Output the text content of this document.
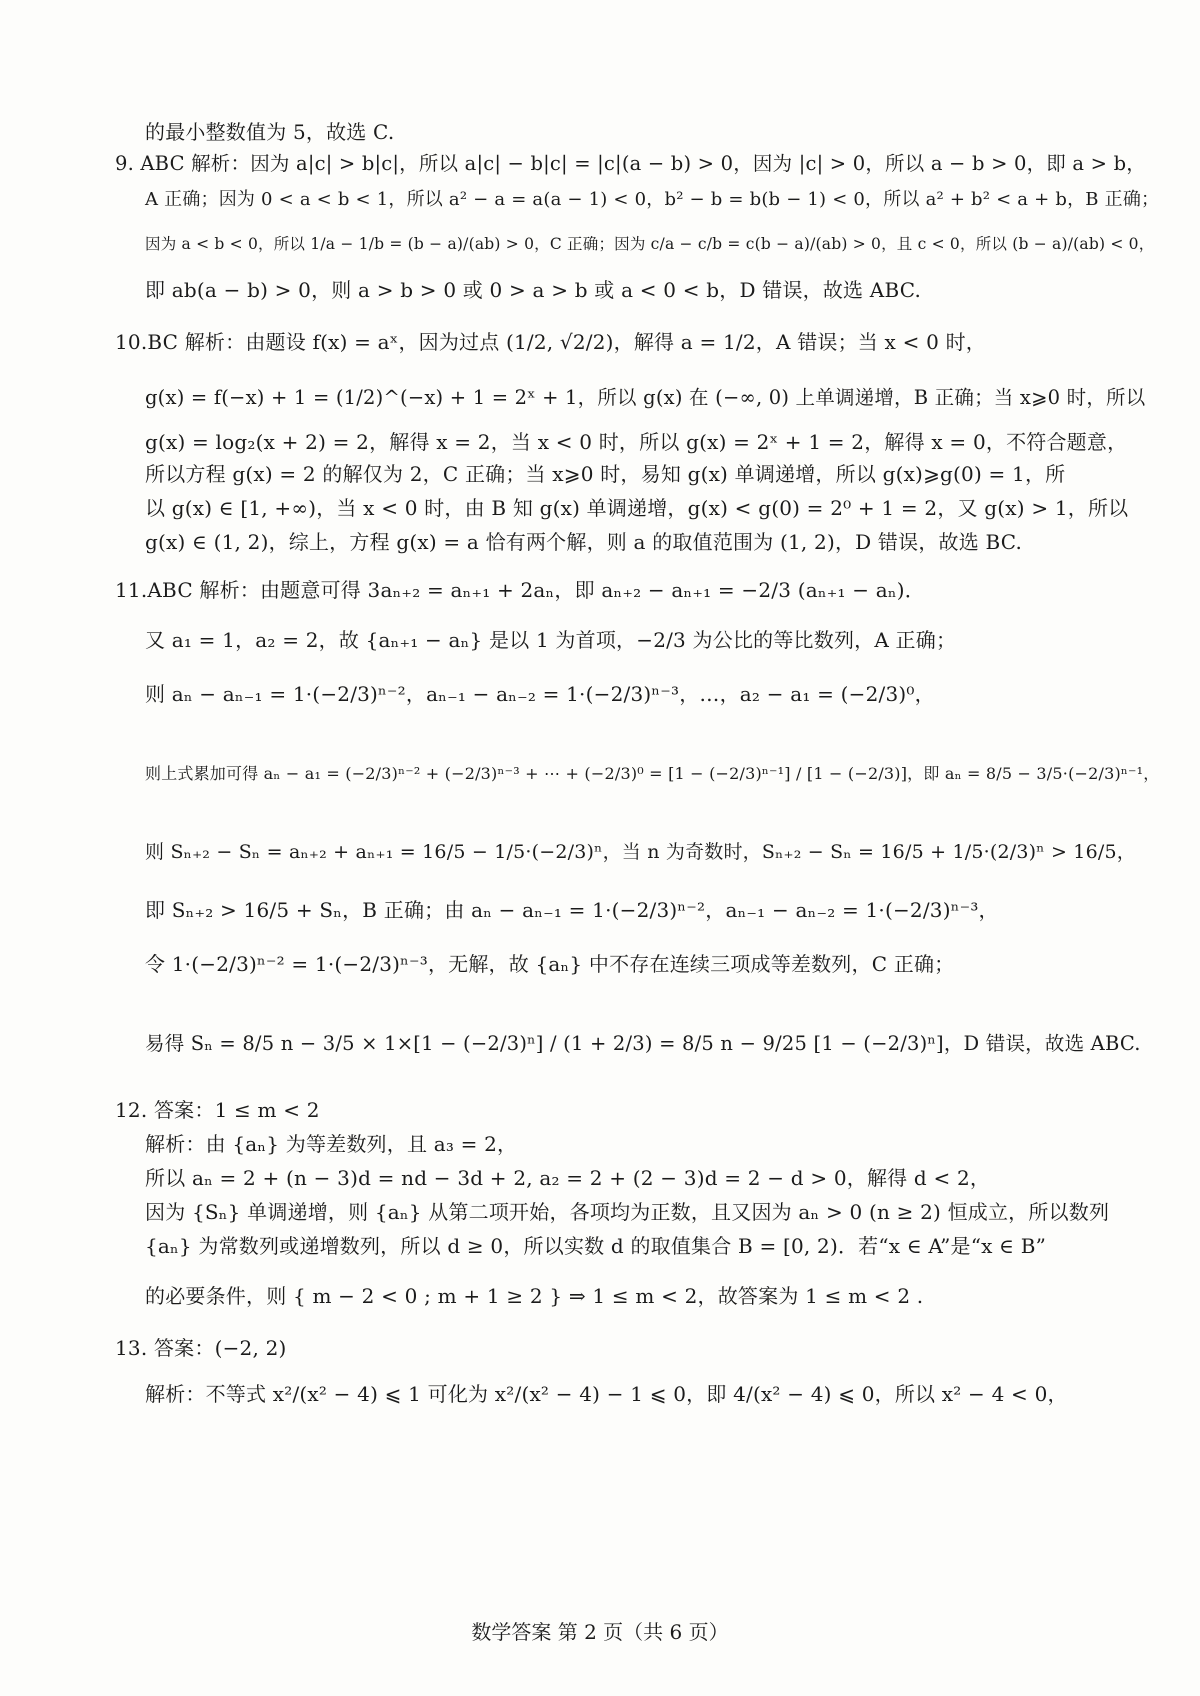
的最小整数值为 5，故选 C.
9. ABC 解析：因为 a|c| > b|c|，所以 a|c| − b|c| = |c|(a − b) > 0，因为 |c| > 0，所以 a − b > 0，即 a > b，
A 正确；因为 0 < a < b < 1，所以 a² − a = a(a − 1) < 0，b² − b = b(b − 1) < 0，所以 a² + b² < a + b，B 正确；
因为 a < b < 0，所以 1/a − 1/b = (b − a)/(ab) > 0，C 正确；因为 c/a − c/b = c(b − a)/(ab) > 0，且 c < 0，所以 (b − a)/(ab) < 0，
即 ab(a − b) > 0，则 a > b > 0 或 0 > a > b 或 a < 0 < b，D 错误，故选 ABC.
10.BC 解析：由题设 f(x) = aˣ，因为过点 (1/2, √2/2)，解得 a = 1/2，A 错误；当 x < 0 时，
g(x) = f(−x) + 1 = (1/2)^(−x) + 1 = 2ˣ + 1，所以 g(x) 在 (−∞, 0) 上单调递增，B 正确；当 x⩾0 时，所以
g(x) = log₂(x + 2) = 2，解得 x = 2，当 x < 0 时，所以 g(x) = 2ˣ + 1 = 2，解得 x = 0，不符合题意，
所以方程 g(x) = 2 的解仅为 2，C 正确；当 x⩾0 时，易知 g(x) 单调递增，所以 g(x)⩾g(0) = 1，所
以 g(x) ∈ [1, +∞)，当 x < 0 时，由 B 知 g(x) 单调递增，g(x) < g(0) = 2⁰ + 1 = 2，又 g(x) > 1，所以
g(x) ∈ (1, 2)，综上，方程 g(x) = a 恰有两个解，则 a 的取值范围为 (1, 2)，D 错误，故选 BC.
11.ABC 解析：由题意可得 3aₙ₊₂ = aₙ₊₁ + 2aₙ，即 aₙ₊₂ − aₙ₊₁ = −2/3 (aₙ₊₁ − aₙ)．
又 a₁ = 1，a₂ = 2，故 {aₙ₊₁ − aₙ} 是以 1 为首项，−2/3 为公比的等比数列，A 正确；
则 aₙ − aₙ₋₁ = 1·(−2/3)ⁿ⁻²，aₙ₋₁ − aₙ₋₂ = 1·(−2/3)ⁿ⁻³，…，a₂ − a₁ = (−2/3)⁰，
则上式累加可得 aₙ − a₁ = (−2/3)ⁿ⁻² + (−2/3)ⁿ⁻³ + ⋯ + (−2/3)⁰ = [1 − (−2/3)ⁿ⁻¹] / [1 − (−2/3)]，即 aₙ = 8/5 − 3/5·(−2/3)ⁿ⁻¹，
则 Sₙ₊₂ − Sₙ = aₙ₊₂ + aₙ₊₁ = 16/5 − 1/5·(−2/3)ⁿ，当 n 为奇数时，Sₙ₊₂ − Sₙ = 16/5 + 1/5·(2/3)ⁿ > 16/5，
即 Sₙ₊₂ > 16/5 + Sₙ，B 正确；由 aₙ − aₙ₋₁ = 1·(−2/3)ⁿ⁻²，aₙ₋₁ − aₙ₋₂ = 1·(−2/3)ⁿ⁻³，
令 1·(−2/3)ⁿ⁻² = 1·(−2/3)ⁿ⁻³，无解，故 {aₙ} 中不存在连续三项成等差数列，C 正确；
易得 Sₙ = 8/5 n − 3/5 × 1×[1 − (−2/3)ⁿ] / (1 + 2/3) = 8/5 n − 9/25 [1 − (−2/3)ⁿ]，D 错误，故选 ABC.
12. 答案：1 ≤ m < 2
解析：由 {aₙ} 为等差数列，且 a₃ = 2，
所以 aₙ = 2 + (n − 3)d = nd − 3d + 2, a₂ = 2 + (2 − 3)d = 2 − d > 0，解得 d < 2，
因为 {Sₙ} 单调递增，则 {aₙ} 从第二项开始，各项均为正数，且又因为 aₙ > 0 (n ≥ 2) 恒成立，所以数列
{aₙ} 为常数列或递增数列，所以 d ≥ 0，所以实数 d 的取值集合 B = [0, 2)．若“x ∈ A”是“x ∈ B”
的必要条件，则 { m − 2 < 0 ; m + 1 ≥ 2 } ⇒ 1 ≤ m < 2，故答案为 1 ≤ m < 2 .
13. 答案：(−2, 2)
解析：不等式 x²/(x² − 4) ⩽ 1 可化为 x²/(x² − 4) − 1 ⩽ 0，即 4/(x² − 4) ⩽ 0，所以 x² − 4 < 0，
数学答案 第 2 页（共 6 页）
